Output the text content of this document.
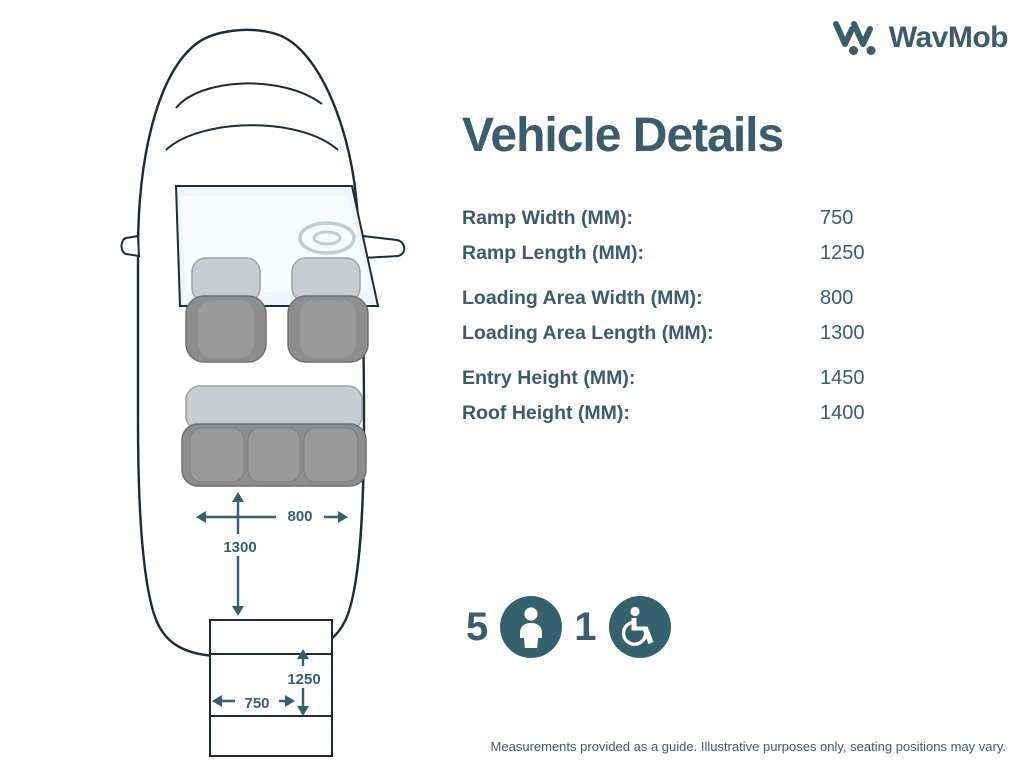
WavMob
800
1300
1250
750
Vehicle Details
Ramp Width (MM):	750
Ramp Length (MM):	1250
Loading Area Width (MM):	800
Loading Area Length (MM):	1300
Entry Height (MM):	1450
Roof Height (MM):	1400
5 1
Measurements provided as a guide. Illustrative purposes only, seating positions may vary.
